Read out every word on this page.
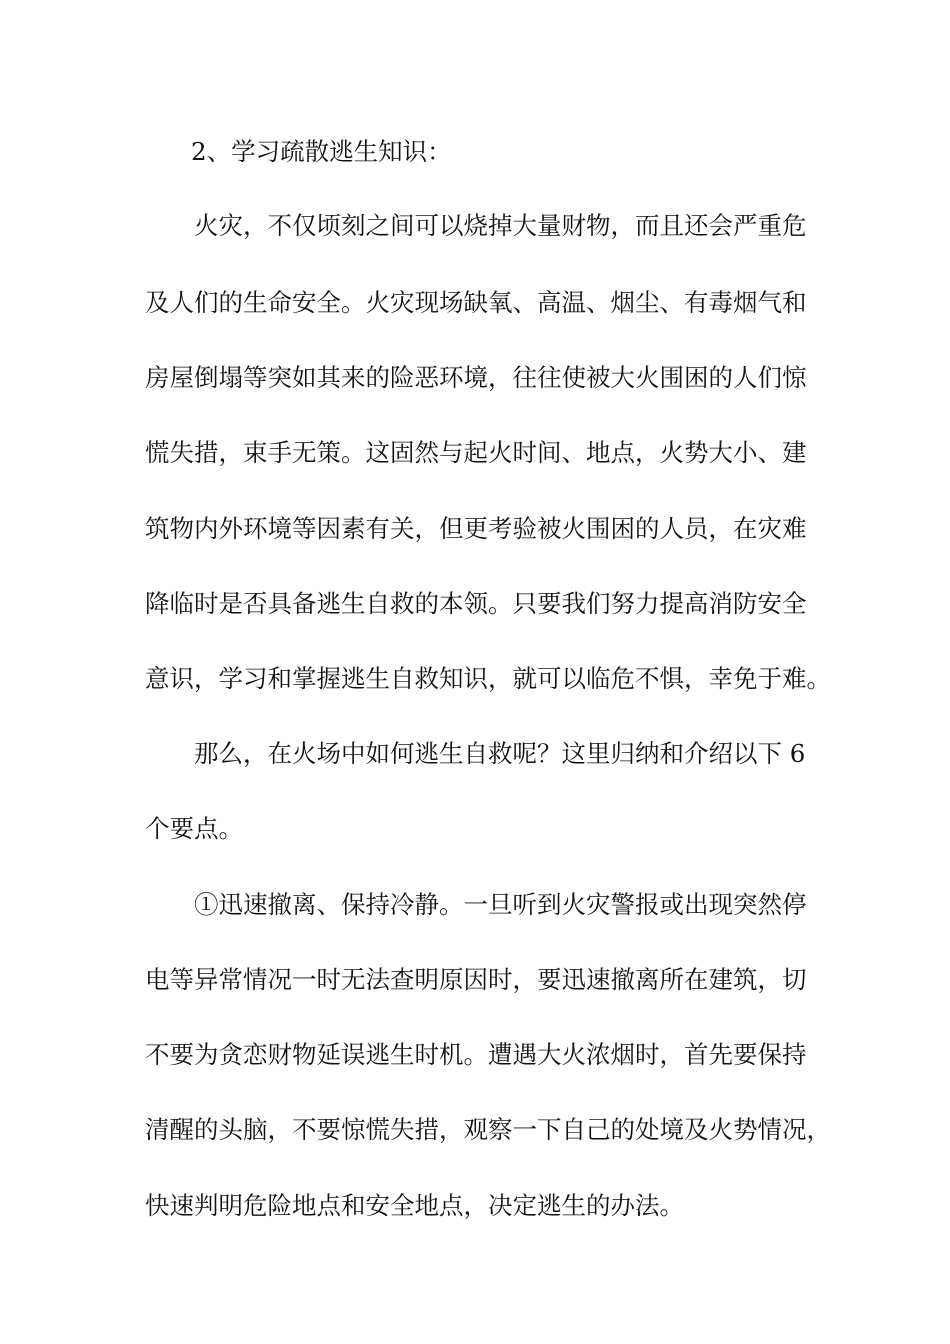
2、学习疏散逃生知识：
火灾，不仅顷刻之间可以烧掉大量财物，而且还会严重危
及人们的生命安全。火灾现场缺氧、高温、烟尘、有毒烟气和
房屋倒塌等突如其来的险恶环境，往往使被大火围困的人们惊
慌失措，束手无策。这固然与起火时间、地点，火势大小、建
筑物内外环境等因素有关，但更考验被火围困的人员，在灾难
降临时是否具备逃生自救的本领。只要我们努力提高消防安全
意识，学习和掌握逃生自救知识，就可以临危不惧，幸免于难。
那么，在火场中如何逃生自救呢？这里归纳和介绍以下 6
个要点。
①迅速撤离、保持冷静。一旦听到火灾警报或出现突然停
电等异常情况一时无法查明原因时，要迅速撤离所在建筑，切
不要为贪恋财物延误逃生时机。遭遇大火浓烟时，首先要保持
清醒的头脑，不要惊慌失措，观察一下自己的处境及火势情况，
快速判明危险地点和安全地点，决定逃生的办法。
